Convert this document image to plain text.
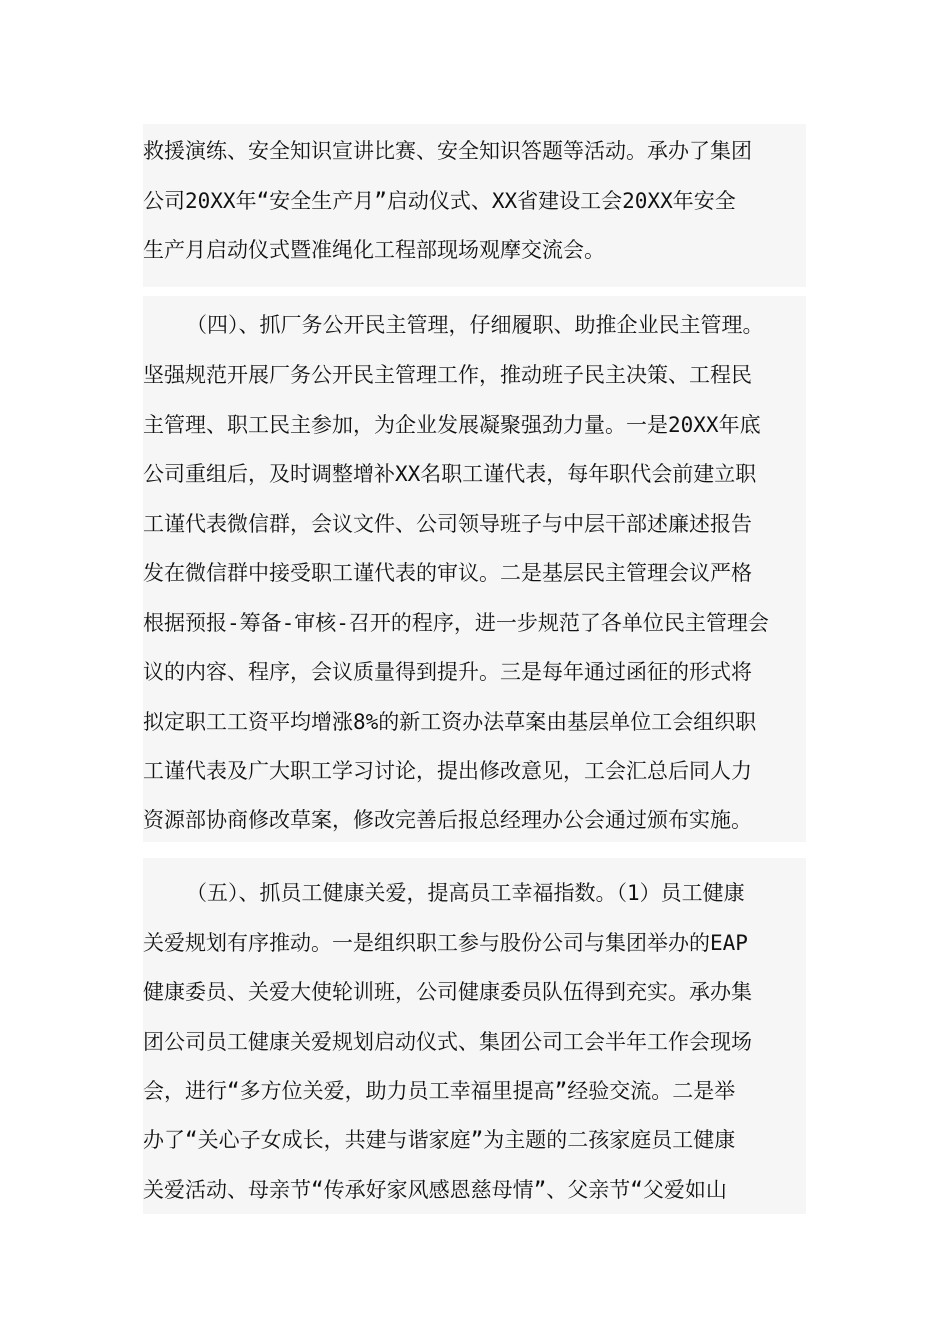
救援演练、安全知识宣讲比赛、安全知识答题等活动。承办了集团
公司20XX年“安全生产月”启动仪式、XX省建设工会20XX年安全
生产月启动仪式暨准绳化工程部现场观摩交流会。
（四）、抓厂务公开民主管理，仔细履职、助推企业民主管理。
坚强规范开展厂务公开民主管理工作，推动班子民主决策、工程民
主管理、职工民主参加，为企业发展凝聚强劲力量。一是20XX年底
公司重组后，及时调整增补XX名职工谨代表，每年职代会前建立职
工谨代表微信群，会议文件、公司领导班子与中层干部述廉述报告
发在微信群中接受职工谨代表的审议。二是基层民主管理会议严格
根据预报-筹备-审核-召开的程序，进一步规范了各单位民主管理会
议的内容、程序，会议质量得到提升。三是每年通过函征的形式将
拟定职工工资平均增涨8%的新工资办法草案由基层单位工会组织职
工谨代表及广大职工学习讨论，提出修改意见，工会汇总后同人力
资源部协商修改草案，修改完善后报总经理办公会通过颁布实施。
（五）、抓员工健康关爱，提高员工幸福指数。（1）员工健康
关爱规划有序推动。一是组织职工参与股份公司与集团举办的EAP
健康委员、关爱大使轮训班，公司健康委员队伍得到充实。承办集
团公司员工健康关爱规划启动仪式、集团公司工会半年工作会现场
会，进行“多方位关爱，助力员工幸福里提高”经验交流。二是举
办了“关心子女成长，共建与谐家庭”为主题的二孩家庭员工健康
关爱活动、母亲节“传承好家风感恩慈母情”、父亲节“父爱如山
